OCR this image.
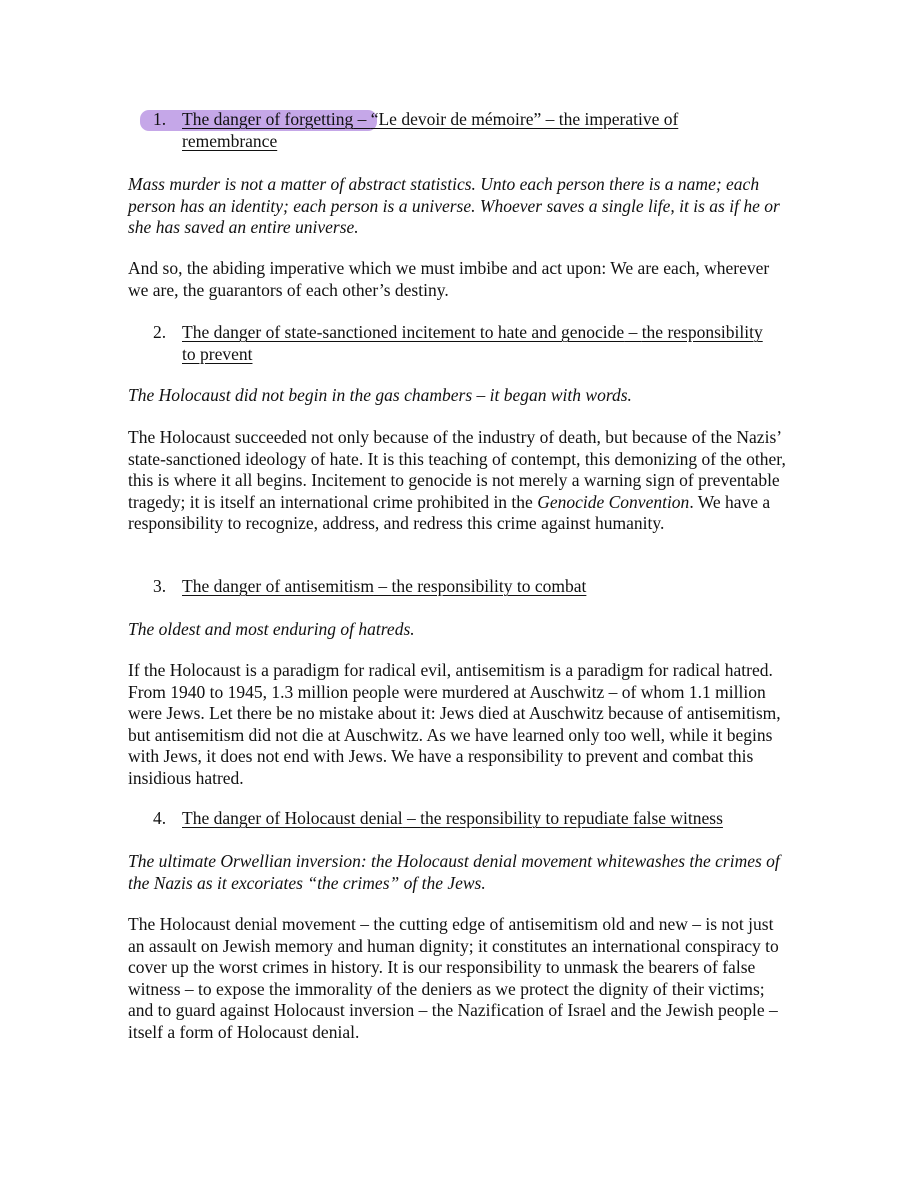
1. The danger of forgetting – “Le devoir de mémoire” – the imperative of remembrance

Mass murder is not a matter of abstract statistics. Unto each person there is a name; each person has an identity; each person is a universe. Whoever saves a single life, it is as if he or she has saved an entire universe.

And so, the abiding imperative which we must imbibe and act upon: We are each, wherever we are, the guarantors of each other’s destiny.

2. The danger of state-sanctioned incitement to hate and genocide – the responsibility to prevent

The Holocaust did not begin in the gas chambers – it began with words.

The Holocaust succeeded not only because of the industry of death, but because of the Nazis’ state-sanctioned ideology of hate. It is this teaching of contempt, this demonizing of the other, this is where it all begins. Incitement to genocide is not merely a warning sign of preventable tragedy; it is itself an international crime prohibited in the Genocide Convention. We have a responsibility to recognize, address, and redress this crime against humanity.

3. The danger of antisemitism – the responsibility to combat

The oldest and most enduring of hatreds.

If the Holocaust is a paradigm for radical evil, antisemitism is a paradigm for radical hatred. From 1940 to 1945, 1.3 million people were murdered at Auschwitz – of whom 1.1 million were Jews. Let there be no mistake about it: Jews died at Auschwitz because of antisemitism, but antisemitism did not die at Auschwitz. As we have learned only too well, while it begins with Jews, it does not end with Jews. We have a responsibility to prevent and combat this insidious hatred.

4. The danger of Holocaust denial – the responsibility to repudiate false witness

The ultimate Orwellian inversion: the Holocaust denial movement whitewashes the crimes of the Nazis as it excoriates “the crimes” of the Jews.

The Holocaust denial movement – the cutting edge of antisemitism old and new – is not just an assault on Jewish memory and human dignity; it constitutes an international conspiracy to cover up the worst crimes in history. It is our responsibility to unmask the bearers of false witness – to expose the immorality of the deniers as we protect the dignity of their victims; and to guard against Holocaust inversion – the Nazification of Israel and the Jewish people – itself a form of Holocaust denial.
